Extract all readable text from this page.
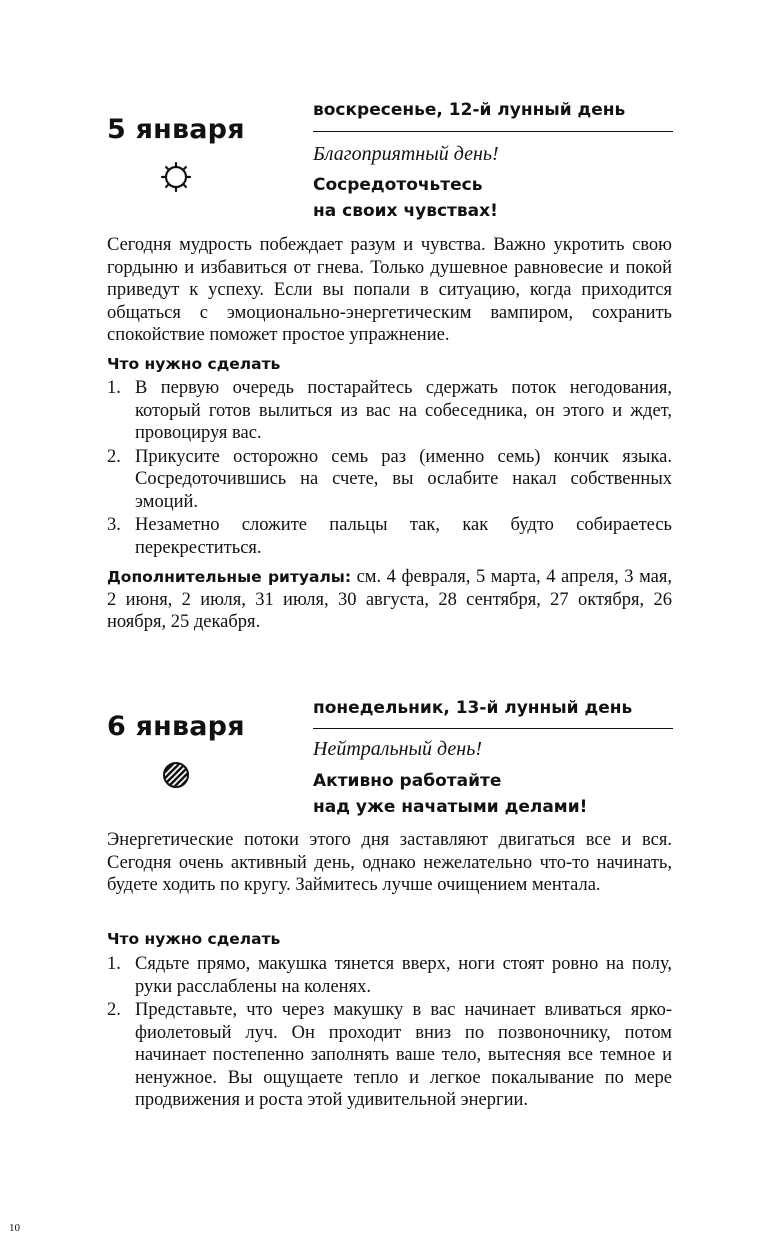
5 января

воскресенье, 12-й лунный день

Благоприятный день!

Сосредоточьтесь
на своих чувствах!

Сегодня мудрость побеждает разум и чувства. Важно укротить свою гордыню и избавиться от гнева. Только душевное равновесие и покой приведут к успеху. Если вы попали в ситуацию, когда приходится общаться с эмоционально-энергетическим вампиром, сохранить спокойствие поможет простое упражнение.

Что нужно сделать
1. В первую очередь постарайтесь сдержать поток негодования, который готов вылиться из вас на собеседника, он этого и ждет, провоцируя вас.
2. Прикусите осторожно семь раз (именно семь) кончик языка. Сосредоточившись на счете, вы ослабите накал собственных эмоций.
3. Незаметно сложите пальцы так, как будто собираетесь перекреститься.

Дополнительные ритуалы: см. 4 февраля, 5 марта, 4 апреля, 3 мая, 2 июня, 2 июля, 31 июля, 30 августа, 28 сентября, 27 октября, 26 ноября, 25 декабря.

6 января

понедельник, 13-й лунный день

Нейтральный день!

Активно работайте
над уже начатыми делами!

Энергетические потоки этого дня заставляют двигаться все и вся. Сегодня очень активный день, однако нежелательно что-то начинать, будете ходить по кругу. Займитесь лучше очищением ментала.

Что нужно сделать
1. Сядьте прямо, макушка тянется вверх, ноги стоят ровно на полу, руки расслаблены на коленях.
2. Представьте, что через макушку в вас начинает вливаться ярко-фиолетовый луч. Он проходит вниз по позвоночнику, потом начинает постепенно заполнять ваше тело, вытесняя все темное и ненужное. Вы ощущаете тепло и легкое покалывание по мере продвижения и роста этой удивительной энергии.

10
